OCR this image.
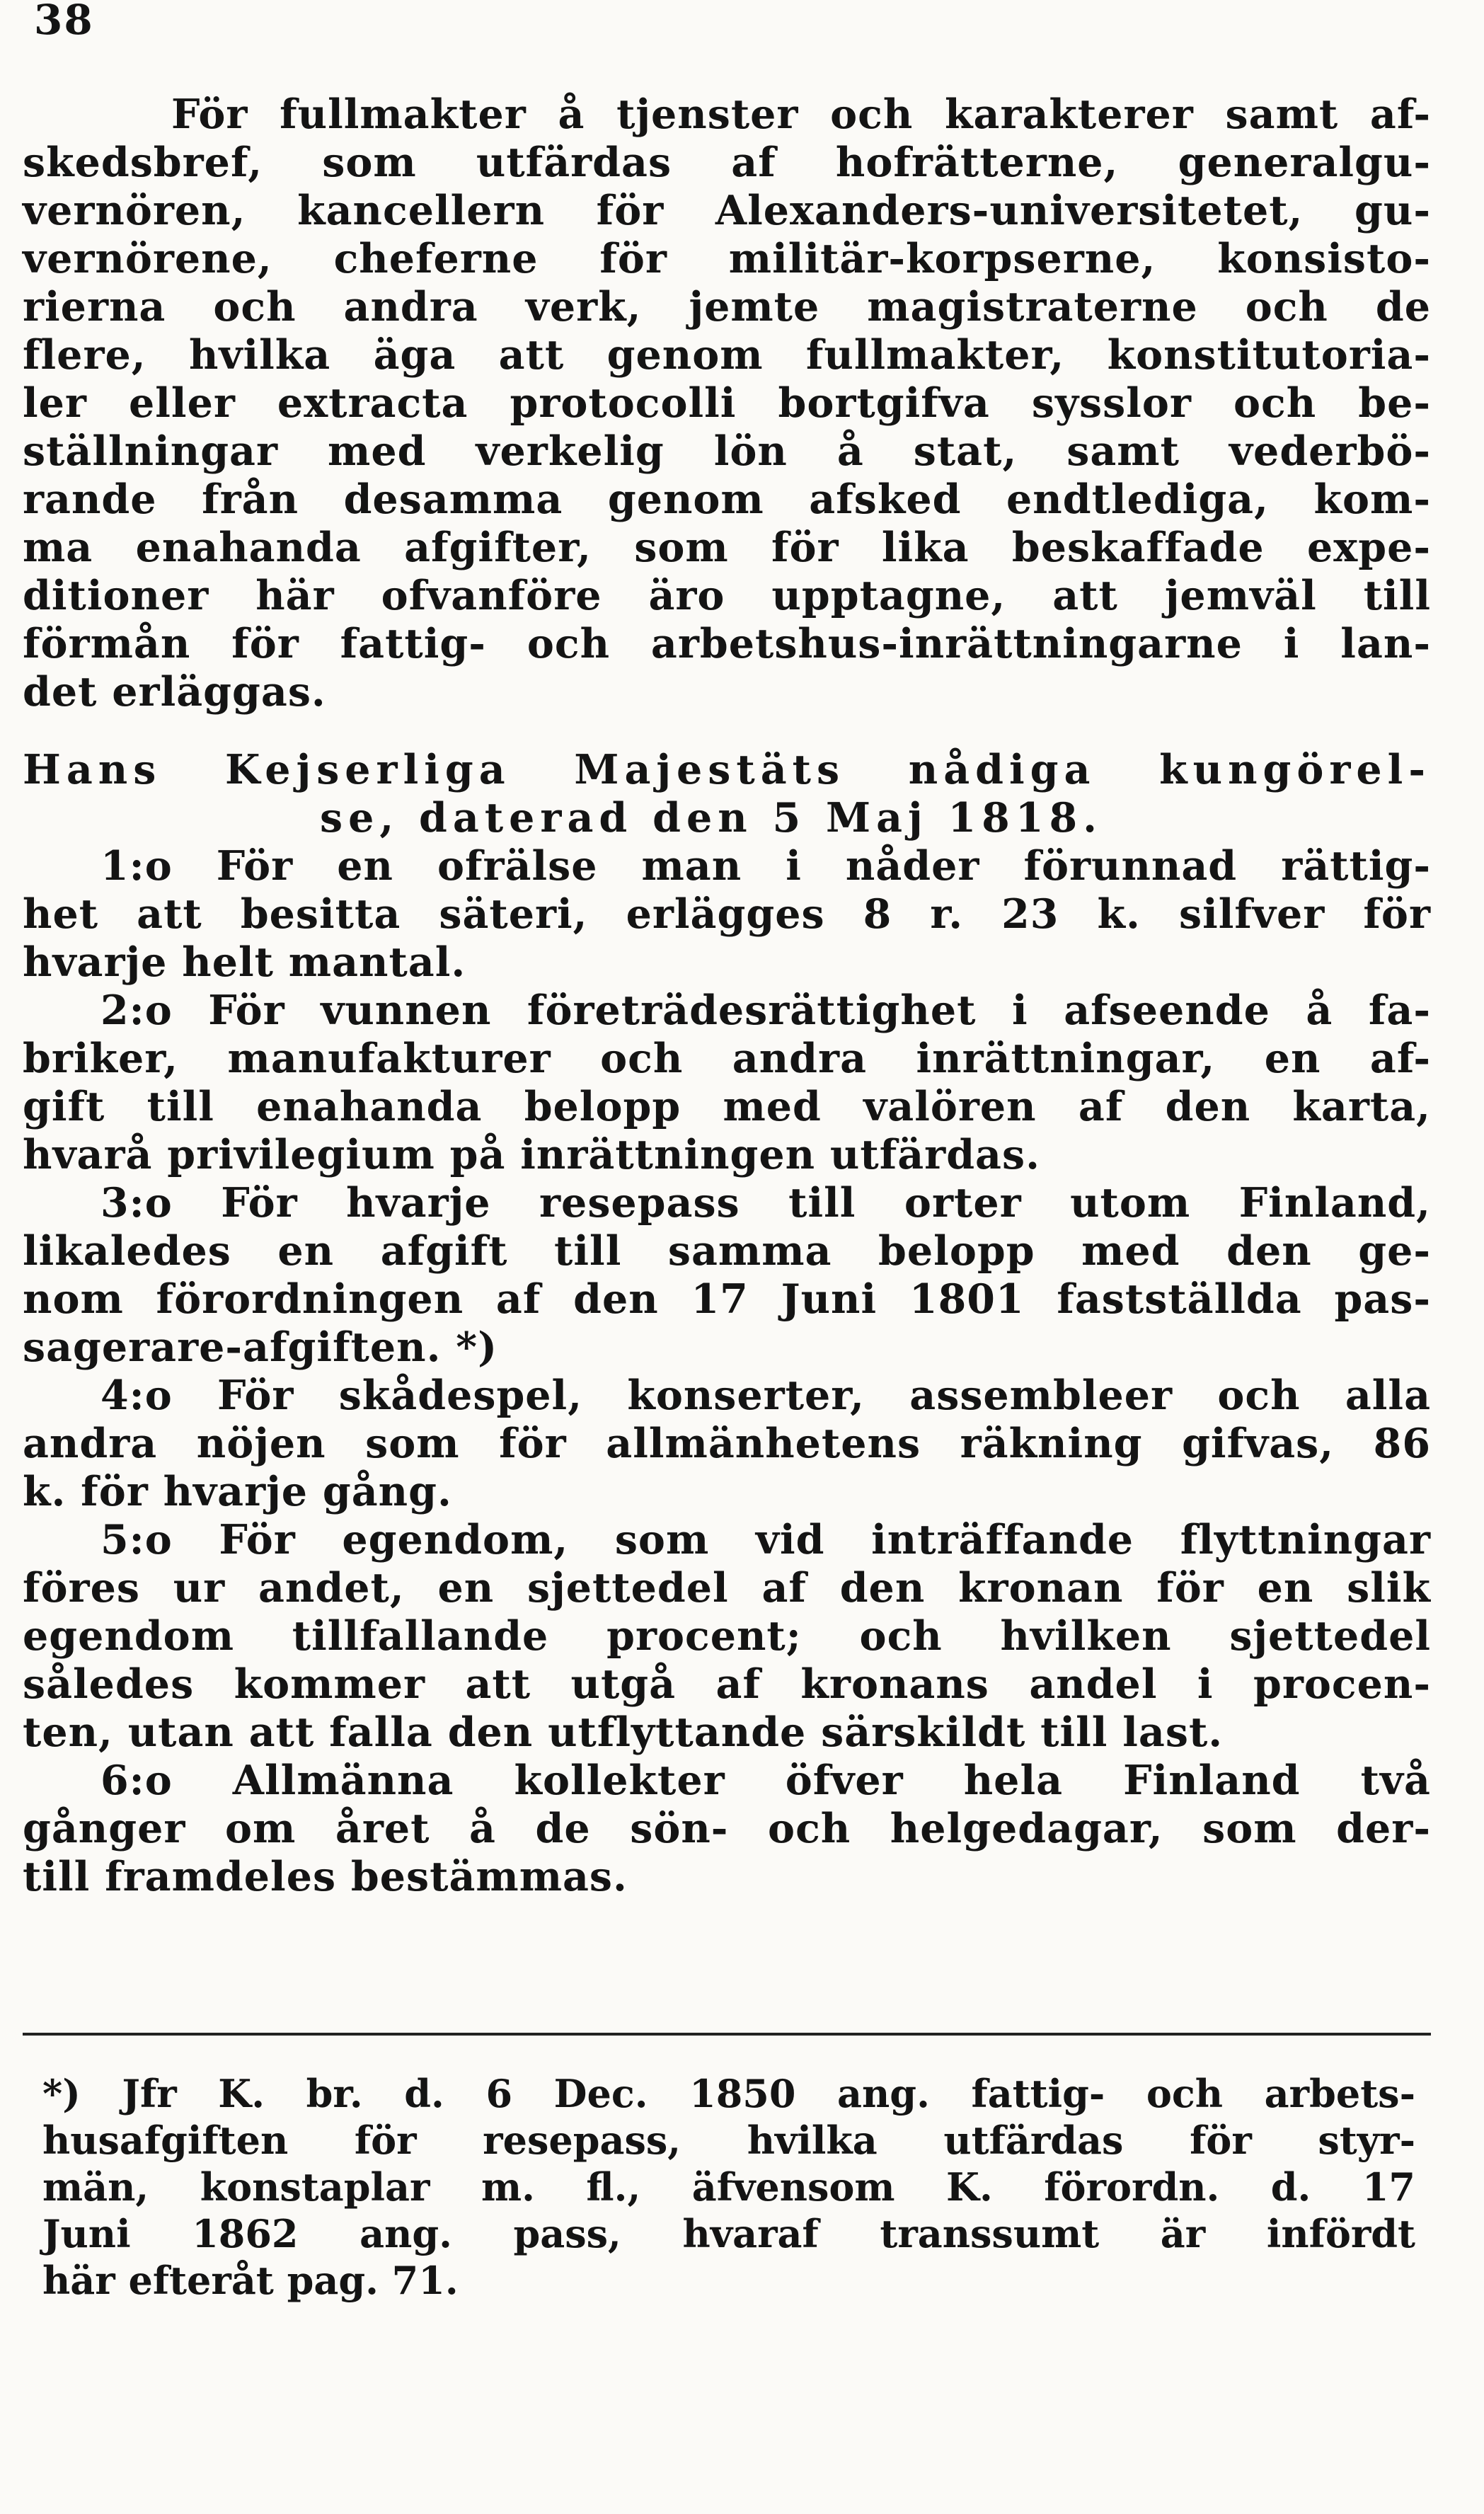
38
För fullmakter å tjenster och karakterer samt af-
skedsbref, som utfärdas af hofrätterne, generalgu-
vernören, kancellern för Alexanders-universitetet, gu-
vernörene, cheferne för militär-korpserne, konsisto-
rierna och andra verk, jemte magistraterne och de
flere, hvilka äga att genom fullmakter, konstitutoria-
ler eller extracta protocolli bortgifva sysslor och be-
ställningar med verkelig lön å stat, samt vederbö-
rande från desamma genom afsked endtlediga, kom-
ma enahanda afgifter, som för lika beskaffade expe-
ditioner här ofvanföre äro upptagne, att jemväl till
förmån för fattig- och arbetshus-inrättningarne i lan-
det erläggas.
Hans Kejserliga Majestäts nådiga kungörel-
se, daterad den 5 Maj 1818.
1:o För en ofrälse man i nåder förunnad rättig-
het att besitta säteri, erlägges 8 r. 23 k. silfver för
hvarje helt mantal.
2:o För vunnen företrädesrättighet i afseende å fa-
briker, manufakturer och andra inrättningar, en af-
gift till enahanda belopp med valören af den karta,
hvarå privilegium på inrättningen utfärdas.
3:o För hvarje resepass till orter utom Finland,
likaledes en afgift till samma belopp med den ge-
nom förordningen af den 17 Juni 1801 fastställda pas-
sagerare-afgiften. *)
4:o För skådespel, konserter, assembleer och alla
andra nöjen som för allmänhetens räkning gifvas, 86
k. för hvarje gång.
5:o För egendom, som vid inträffande flyttningar
föres ur andet, en sjettedel af den kronan för en slik
egendom tillfallande procent; och hvilken sjettedel
således kommer att utgå af kronans andel i procen-
ten, utan att falla den utflyttande särskildt till last.
6:o Allmänna kollekter öfver hela Finland två
gånger om året å de sön- och helgedagar, som der-
till framdeles bestämmas.
*) Jfr K. br. d. 6 Dec. 1850 ang. fattig- och arbets-
husafgiften för resepass, hvilka utfärdas för styr-
män, konstaplar m. fl., äfvensom K. förordn. d. 17
Juni 1862 ang. pass, hvaraf transsumt är infördt
här efteråt pag. 71.
